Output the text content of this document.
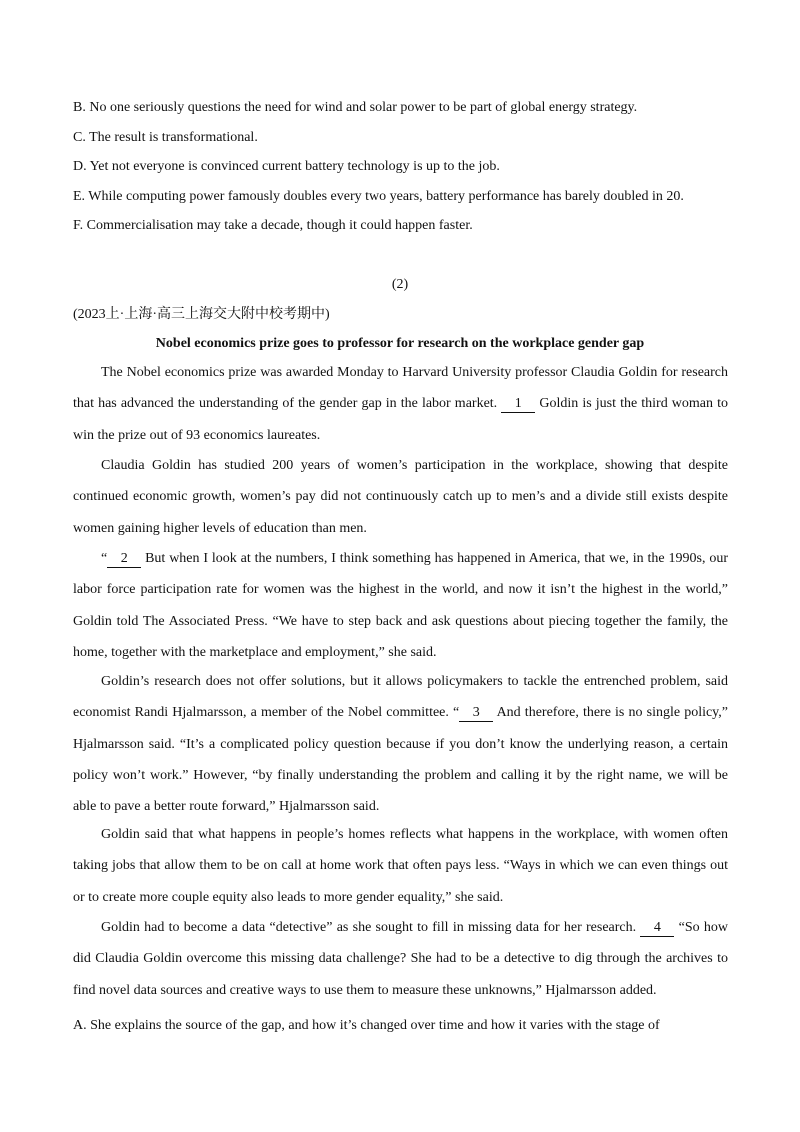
B. No one seriously questions the need for wind and solar power to be part of global energy strategy.
C. The result is transformational.
D. Yet not everyone is convinced current battery technology is up to the job.
E. While computing power famously doubles every two years, battery performance has barely doubled in 20.
F. Commercialisation may take a decade, though it could happen faster.
(2)
(2023上·上海·高三上海交大附中校考期中)
Nobel economics prize goes to professor for research on the workplace gender gap

The Nobel economics prize was awarded Monday to Harvard University professor Claudia Goldin for research that has advanced the understanding of the gender gap in the labor market. 1 Goldin is just the third woman to win the prize out of 93 economics laureates.

Claudia Goldin has studied 200 years of women’s participation in the workplace, showing that despite continued economic growth, women’s pay did not continuously catch up to men’s and a divide still exists despite women gaining higher levels of education than men.

“ 2 But when I look at the numbers, I think something has happened in America, that we, in the 1990s, our labor force participation rate for women was the highest in the world, and now it isn’t the highest in the world,” Goldin told The Associated Press. “We have to step back and ask questions about piecing together the family, the home, together with the marketplace and employment,” she said.

Goldin’s research does not offer solutions, but it allows policymakers to tackle the entrenched problem, said economist Randi Hjalmarsson, a member of the Nobel committee. “ 3 And therefore, there is no single policy,” Hjalmarsson said. “It’s a complicated policy question because if you don’t know the underlying reason, a certain policy won’t work.” However, “by finally understanding the problem and calling it by the right name, we will be able to pave a better route forward,” Hjalmarsson said.

Goldin said that what happens in people’s homes reflects what happens in the workplace, with women often taking jobs that allow them to be on call at home work that often pays less. “Ways in which we can even things out or to create more couple equity also leads to more gender equality,” she said.

Goldin had to become a data “detective” as she sought to fill in missing data for her research. 4 “So how did Claudia Goldin overcome this missing data challenge? She had to be a detective to dig through the archives to find novel data sources and creative ways to use them to measure these unknowns,” Hjalmarsson added.

A. She explains the source of the gap, and how it’s changed over time and how it varies with the stage of
